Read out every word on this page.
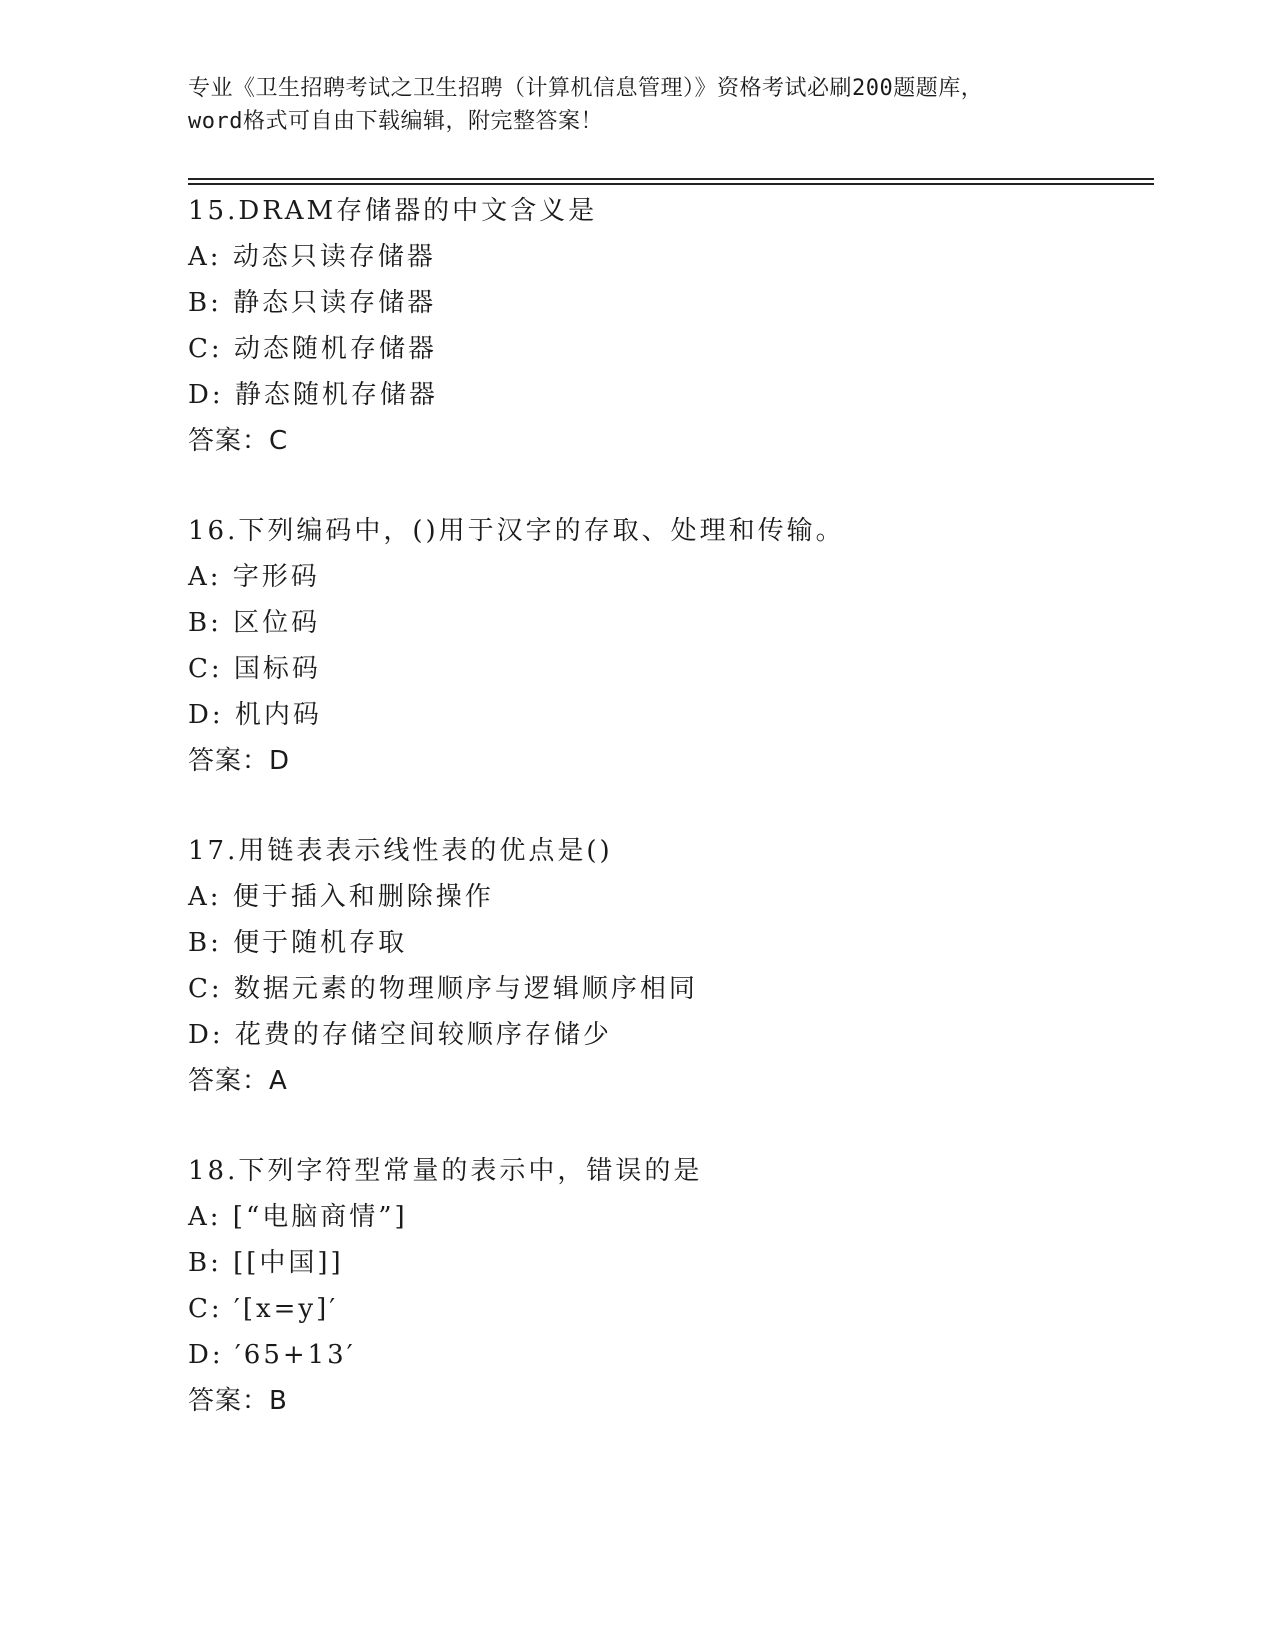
专业《卫生招聘考试之卫生招聘（计算机信息管理）》资格考试必刷200题题库，
word格式可自由下载编辑，附完整答案！
15.DRAM存储器的中文含义是
A: 动态只读存储器
B: 静态只读存储器
C: 动态随机存储器
D: 静态随机存储器
答案：C
16.下列编码中，()用于汉字的存取、处理和传输。
A: 字形码
B: 区位码
C: 国标码
D: 机内码
答案：D
17.用链表表示线性表的优点是()
A: 便于插入和删除操作
B: 便于随机存取
C: 数据元素的物理顺序与逻辑顺序相同
D: 花费的存储空间较顺序存储少
答案：A
18.下列字符型常量的表示中，错误的是
A: [“电脑商情”]
B: [[中国]]
C: ′[x=y]′
D: ′65+13′
答案：B
